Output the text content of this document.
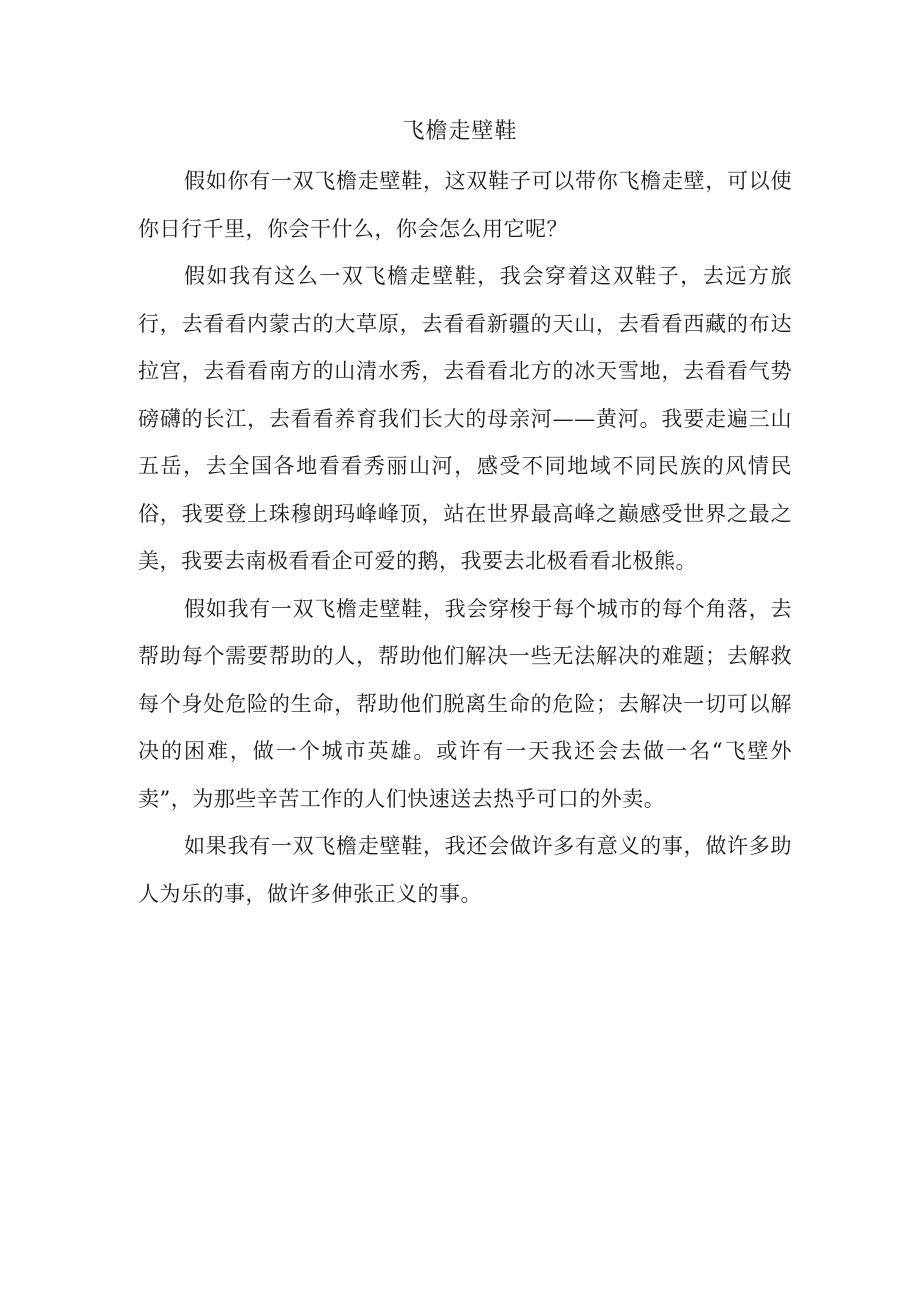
飞檐走壁鞋

假如你有一双飞檐走壁鞋，这双鞋子可以带你飞檐走壁，可以使你日行千里，你会干什么，你会怎么用它呢？

假如我有这么一双飞檐走壁鞋，我会穿着这双鞋子，去远方旅行，去看看内蒙古的大草原，去看看新疆的天山，去看看西藏的布达拉宫，去看看南方的山清水秀，去看看北方的冰天雪地，去看看气势磅礴的长江，去看看养育我们长大的母亲河——黄河。我要走遍三山五岳，去全国各地看看秀丽山河，感受不同地域不同民族的风情民俗，我要登上珠穆朗玛峰峰顶，站在世界最高峰之巅感受世界之最之美，我要去南极看看企可爱的鹅，我要去北极看看北极熊。

假如我有一双飞檐走壁鞋，我会穿梭于每个城市的每个角落，去帮助每个需要帮助的人，帮助他们解决一些无法解决的难题；去解救每个身处危险的生命，帮助他们脱离生命的危险；去解决一切可以解决的困难，做一个城市英雄。或许有一天我还会去做一名“飞壁外卖”，为那些辛苦工作的人们快速送去热乎可口的外卖。

如果我有一双飞檐走壁鞋，我还会做许多有意义的事，做许多助人为乐的事，做许多伸张正义的事。
